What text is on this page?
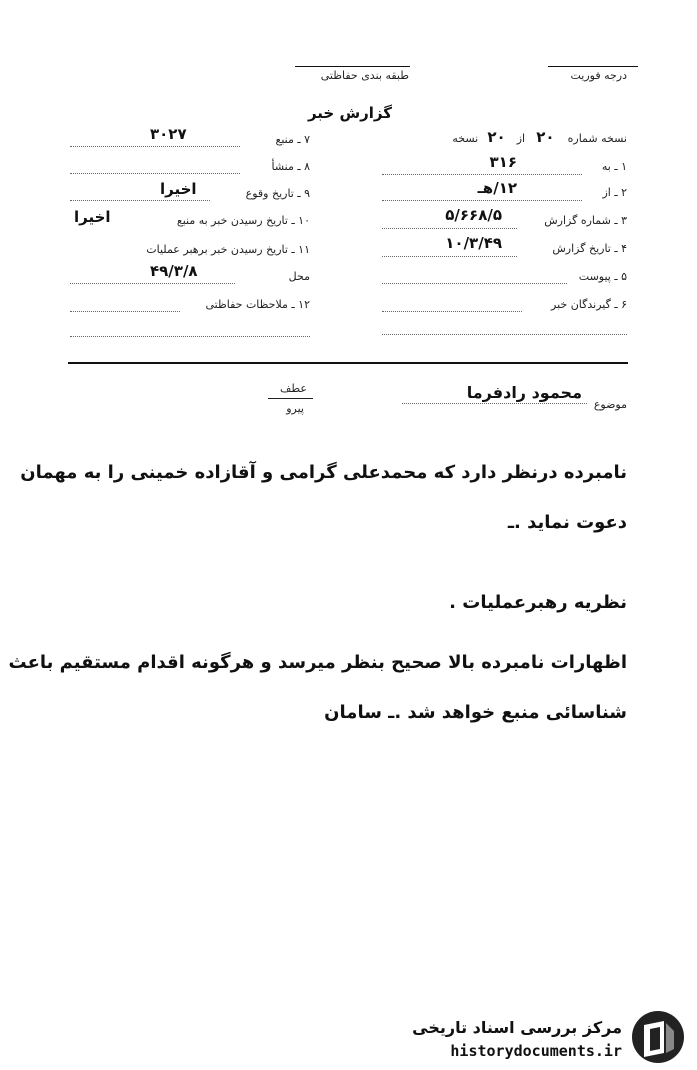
درجه فوریت
طبقه بندی حفاظتی
گزارش خبر
نسخه شماره ۲۰ از ۲۰ نسخه
۱ ـ به
۳۱۶
۲ ـ از
۱۲/هـ
۳ ـ شماره گزارش
۵/۶۶۸/۵
۴ ـ تاریخ گزارش
۱۰/۳/۴۹
۵ ـ پیوست
۶ ـ گیرندگان خبر
۷ ـ منبع
۳۰۲۷
۸ ـ منشأ
۹ ـ تاریخ وقوع
اخیرا
۱۰ ـ تاریخ رسیدن خبر به منبع
اخیرا
۱۱ ـ تاریخ رسیدن خبر برهبر عملیات
محل
۴۹/۳/۸
۱۲ ـ ملاحظات حفاظتی
موضوع
محمود رادفرما
عطف
پیرو
نامبرده درنظر دارد که محمدعلی گرامی و آقازاده خمینی را به مهمان
دعوت نماید .ـ
نظریه رهبرعملیات .
اظهارات نامبرده بالا صحیح بنظر میرسد و هرگونه اقدام مستقیم باعث
شناسائی منبع خواهد شد .ـ سامان
مرکز بررسی اسناد تاریخی
historydocuments.ir
